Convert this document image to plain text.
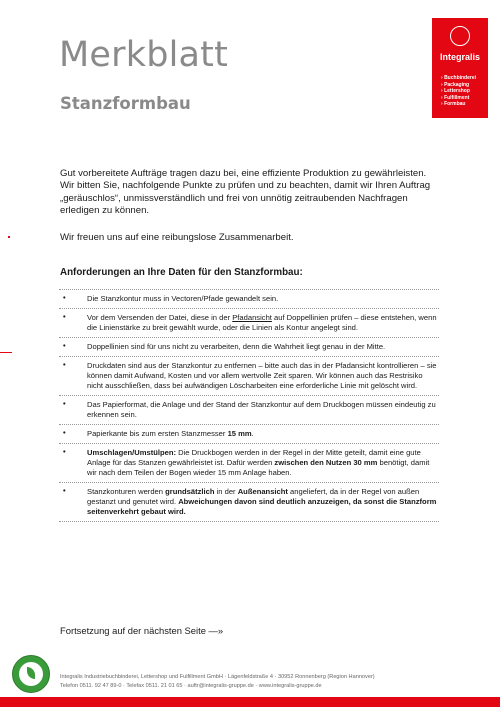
Merkblatt
Stanzformbau
Integralis
› Buchbinderei
› Packaging
› Lettershop
› Fulfillment
› Formbau

Gut vorbereitete Aufträge tragen dazu bei, eine effiziente Produktion zu gewährleisten. Wir bitten Sie, nachfolgende Punkte zu prüfen und zu beachten, damit wir Ihren Auftrag „geräuschlos“, unmissverständlich und frei von unnötig zeitraubenden Nachfragen erledigen zu können.

Wir freuen uns auf eine reibungslose Zusammenarbeit.

Anforderungen an Ihre Daten für den Stanzformbau:
•	Die Stanzkontur muss in Vectoren/Pfade gewandelt sein.
•	Vor dem Versenden der Datei, diese in der Pfadansicht auf Doppellinien prüfen – diese entstehen, wenn die Linienstärke zu breit gewählt wurde, oder die Linien als Kontur angelegt sind.
•	Doppellinien sind für uns nicht zu verarbeiten, denn die Wahrheit liegt genau in der Mitte.
•	Druckdaten sind aus der Stanzkontur zu entfernen – bitte auch das in der Pfadansicht kontrollieren – sie können damit Aufwand, Kosten und vor allem wertvolle Zeit sparen. Wir können auch das Restrisiko nicht ausschließen, dass bei aufwändigen Löscharbeiten eine erforderliche Linie mit gelöscht wird.
•	Das Papierformat, die Anlage und der Stand der Stanzkontur auf dem Druckbogen müssen eindeutig zu erkennen sein.
•	Papierkante bis zum ersten Stanzmesser 15 mm.
•	Umschlagen/Umstülpen: Die Druckbogen werden in der Regel in der Mitte geteilt, damit eine gute Anlage für das Stanzen gewährleistet ist. Dafür werden zwischen den Nutzen 30 mm benötigt, damit wir nach dem Teilen der Bogen wieder 15 mm Anlage haben.
•	Stanzkonturen werden grundsätzlich in der Außenansicht angeliefert, da in der Regel von außen gestanzt und genutet wird. Abweichungen davon sind deutlich anzuzeigen, da sonst die Stanzform seitenverkehrt gebaut wird.

Fortsetzung auf der nächsten Seite —»

Integralis Industriebuchbinderei, Lettershop und Fulfillment GmbH · Lägenfeldstraße 4 · 30952 Ronnenberg (Region Hannover)
Telefon 0511. 92 47 89-0 · Telefax 0511. 21 01 65 · auftr@integralis-gruppe.de · www.integralis-gruppe.de
